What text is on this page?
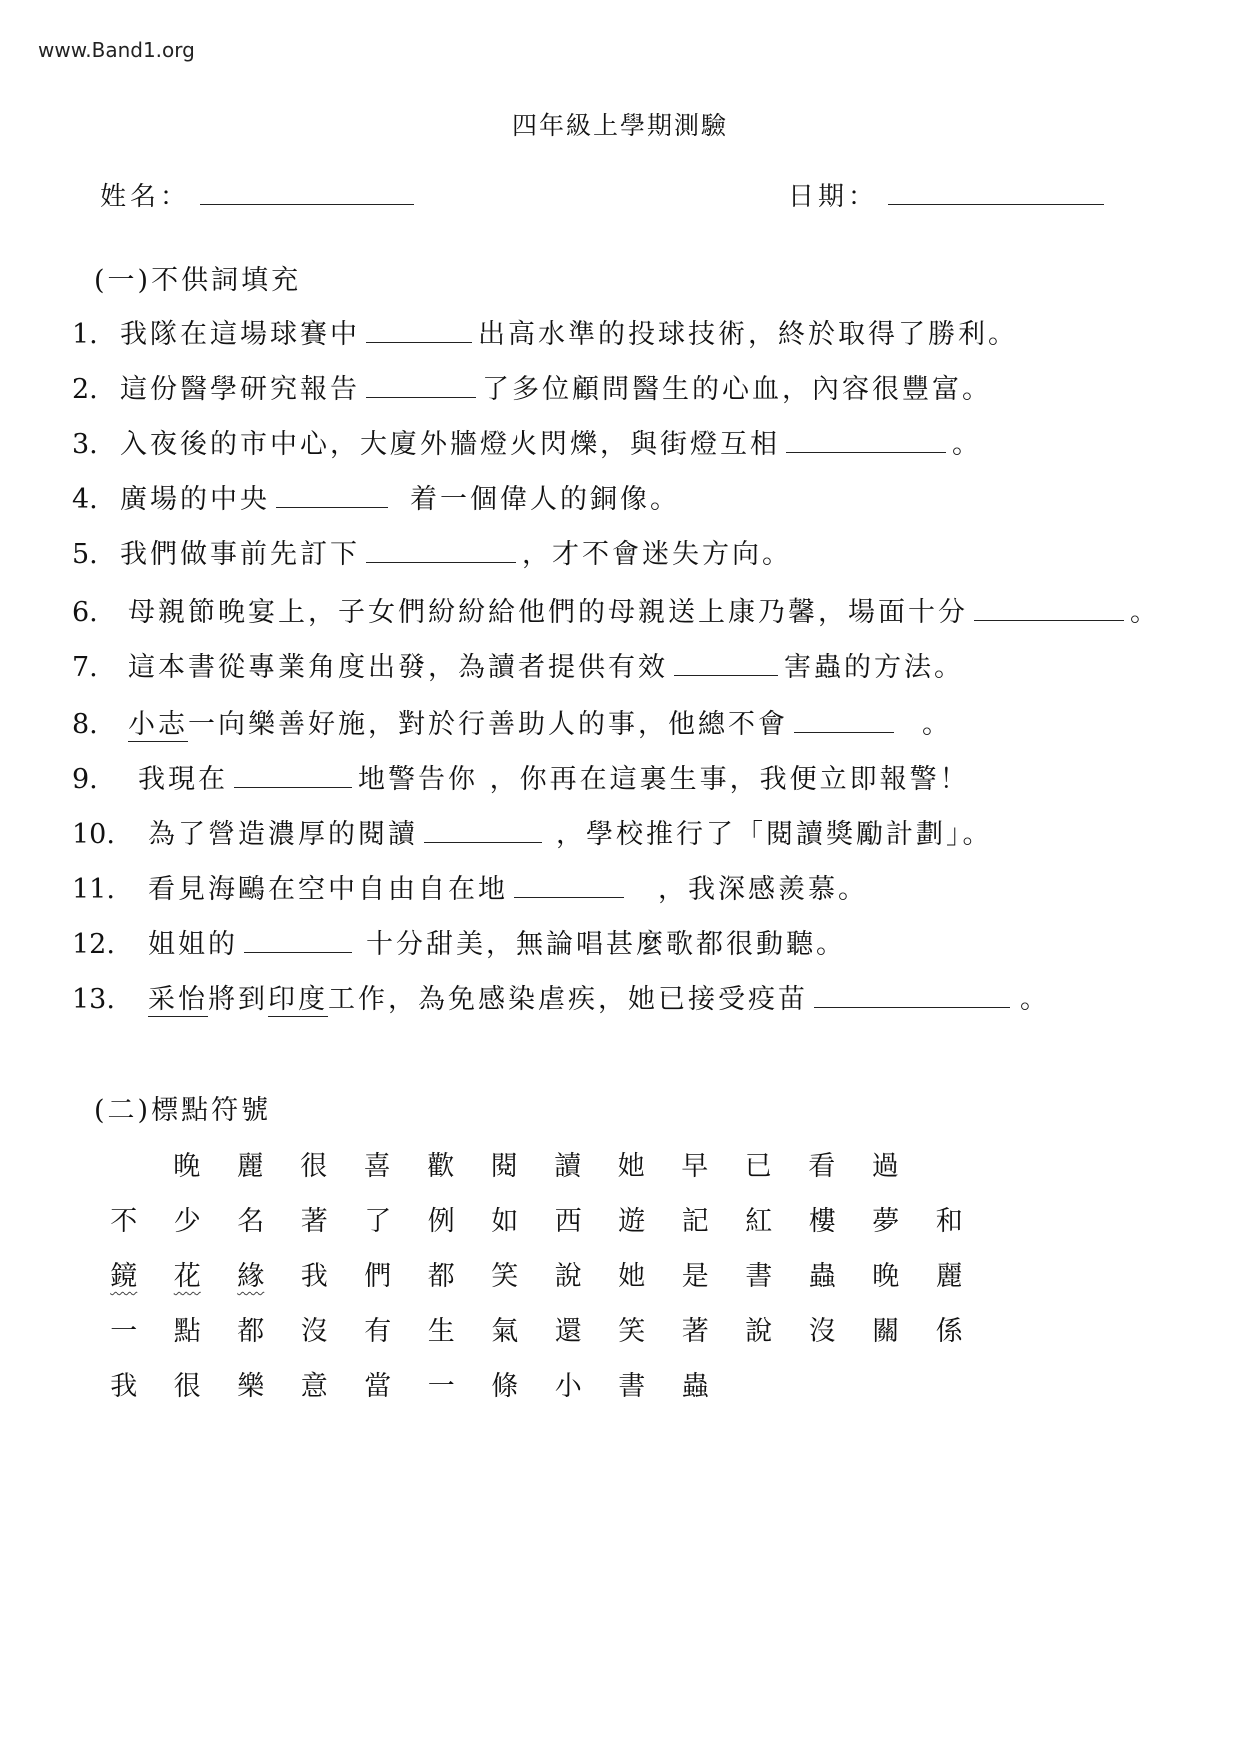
www.Band1.org
四年級上學期測驗
姓名：	日期：
(一)不供詞填充
1. 我隊在這場球賽中	出高水準的投球技術，終於取得了勝利。
2. 這份醫學研究報告	了多位顧問醫生的心血，內容很豐富。
3. 入夜後的市中心，大廈外牆燈火閃爍，與街燈互相	。
4. 廣場的中央	着一個偉人的銅像。
5. 我們做事前先訂下	，才不會迷失方向。
6. 母親節晚宴上，子女們紛紛給他們的母親送上康乃馨，場面十分	。
7. 這本書從專業角度出發，為讀者提供有效	害蟲的方法。
8. 小志一向樂善好施，對於行善助人的事，他總不會	。
9. 我現在	地警告你 ，你再在這裏生事，我便立即報警！
10. 為了營造濃厚的閱讀	，學校推行了「閱讀獎勵計劃」。
11. 看見海鷗在空中自由自在地	，我深感羨慕。
12. 姐姐的	十分甜美，無論唱甚麼歌都很動聽。
13. 采怡將到印度工作，為免感染虐疾，她已接受疫苗	。
(二)標點符號
晚 麗 很 喜 歡 閱 讀 她 早 已 看 過
不 少 名 著 了 例 如 西 遊 記 紅 樓 夢 和
鏡 花 緣 我 們 都 笑 說 她 是 書 蟲 晚 麗
一 點 都 沒 有 生 氣 還 笑 著 說 沒 關 係
我 很 樂 意 當 一 條 小 書 蟲
